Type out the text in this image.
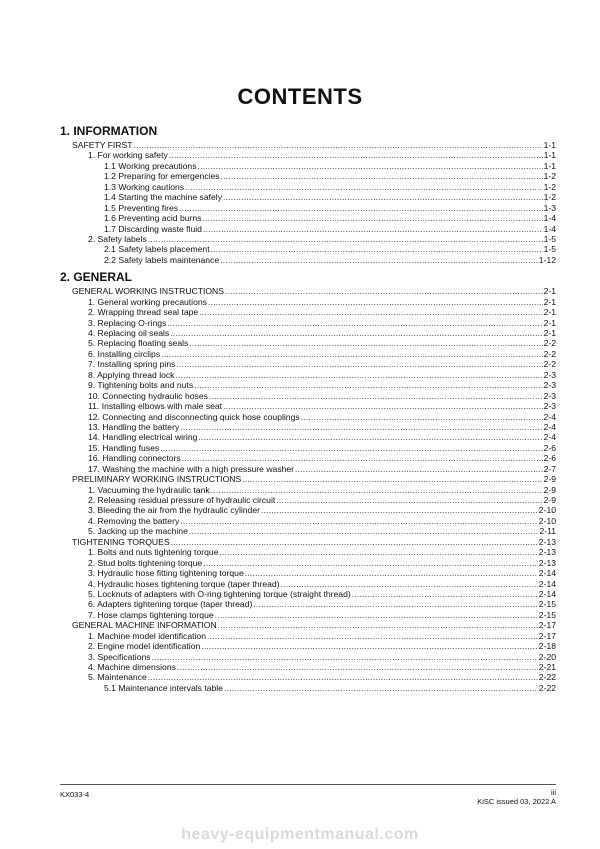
CONTENTS
1. INFORMATION
SAFETY FIRST .....	1-1
1. For working safety .....	1-1
1.1 Working precautions .....	1-1
1.2 Preparing for emergencies .....	1-2
1.3 Working cautions .....	1-2
1.4 Starting the machine safely .....	1-2
1.5 Preventing fires .....	1-3
1.6 Preventing acid burns .....	1-4
1.7 Discarding waste fluid .....	1-4
2. Safety labels .....	1-5
2.1 Safety labels placement .....	1-5
2.2 Safety labels maintenance .....	1-12
2. GENERAL
GENERAL WORKING INSTRUCTIONS .....	2-1
1. General working precautions .....	2-1
2. Wrapping thread seal tape .....	2-1
3. Replacing O-rings .....	2-1
4. Replacing oil seals .....	2-1
5. Replacing floating seals .....	2-2
6. Installing circlips .....	2-2
7. Installing spring pins .....	2-2
8. Applying thread lock .....	2-3
9. Tightening bolts and nuts .....	2-3
10. Connecting hydraulic hoses .....	2-3
11. Installing elbows with male seat .....	2-3
12. Connecting and disconnecting quick hose couplings .....	2-4
13. Handling the battery .....	2-4
14. Handling electrical wiring .....	2-4
15. Handling fuses .....	2-6
16. Handling connectors .....	2-6
17. Washing the machine with a high pressure washer .....	2-7
PRELIMINARY WORKING INSTRUCTIONS .....	2-9
1. Vacuuming the hydraulic tank .....	2-9
2. Releasing residual pressure of hydraulic circuit .....	2-9
3. Bleeding the air from the hydraulic cylinder .....	2-10
4. Removing the battery .....	2-10
5. Jacking up the machine .....	2-11
TIGHTENING TORQUES .....	2-13
1. Bolts and nuts tightening torque .....	2-13
2. Stud bolts tightening torque .....	2-13
3. Hydraulic hose fitting tightening torque .....	2-14
4. Hydraulic hoses tightening torque (taper thread) .....	2-14
5. Locknuts of adapters with O-ring tightening torque (straight thread) .....	2-14
6. Adapters tightening torque (taper thread) .....	2-15
7. Hose clamps tightening torque .....	2-15
GENERAL MACHINE INFORMATION .....	2-17
1. Machine model identification .....	2-17
2. Engine model identification .....	2-18
3. Specifications .....	2-20
4. Machine dimensions .....	2-21
5. Maintenance .....	2-22
5.1 Maintenance intervals table .....	2-22
KX033-4	iii
KiSC issued 03, 2022 A
heavy-equipmentmanual.com
